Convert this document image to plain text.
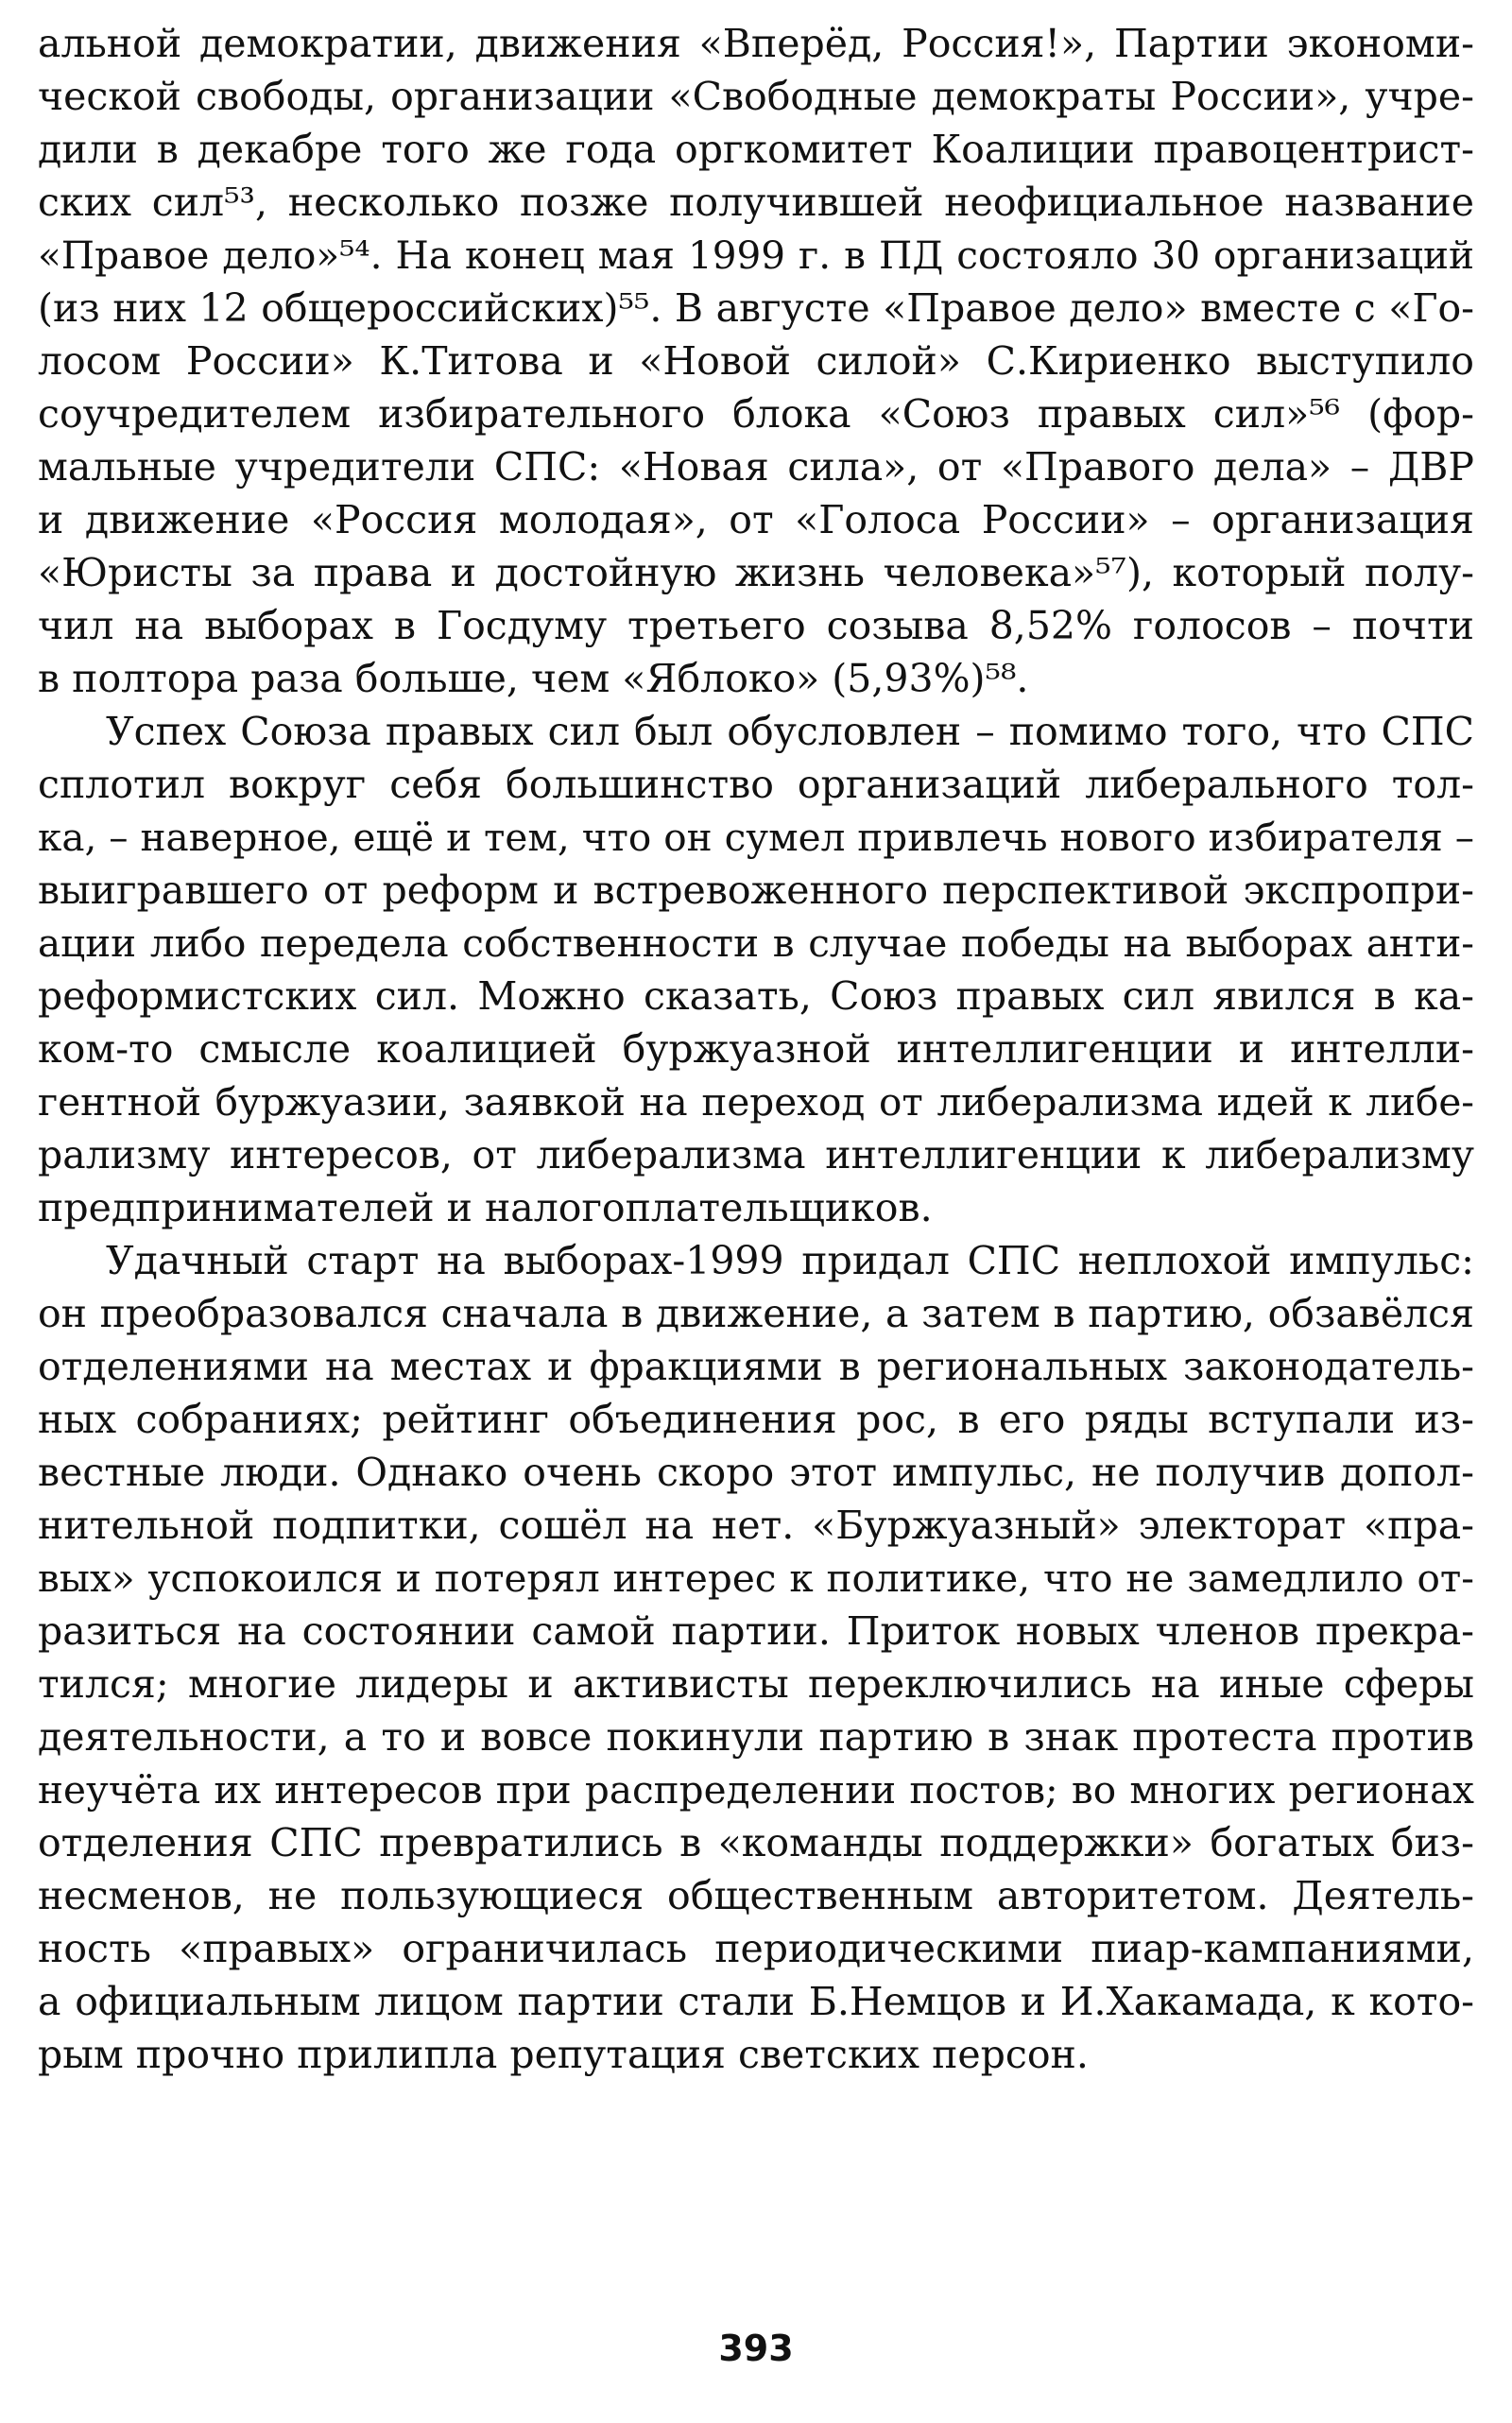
альной демократии, движения «Вперёд, Россия!», Партии экономи-
ческой свободы, организации «Свободные демократы России», учре-
дили в декабре того же года оргкомитет Коалиции правоцентрист-
ских сил⁵³, несколько позже получившей неофициальное название
«Правое дело»⁵⁴. На конец мая 1999 г. в ПД состояло 30 организаций
(из них 12 общероссийских)⁵⁵. В августе «Правое дело» вместе с «Го-
лосом России» К.Титова и «Новой силой» С.Кириенко выступило
соучредителем избирательного блока «Союз правых сил»⁵⁶ (фор-
мальные учредители СПС: «Новая сила», от «Правого дела» – ДВР
и движение «Россия молодая», от «Голоса России» – организация
«Юристы за права и достойную жизнь человека»⁵⁷), который полу-
чил на выборах в Госдуму третьего созыва 8,52% голосов – почти
в полтора раза больше, чем «Яблоко» (5,93%)⁵⁸.
Успех Союза правых сил был обусловлен – помимо того, что СПС
сплотил вокруг себя большинство организаций либерального тол-
ка, – наверное, ещё и тем, что он сумел привлечь нового избирателя –
выигравшего от реформ и встревоженного перспективой экспропри-
ации либо передела собственности в случае победы на выборах анти-
реформистских сил. Можно сказать, Союз правых сил явился в ка-
ком-то смысле коалицией буржуазной интеллигенции и интелли-
гентной буржуазии, заявкой на переход от либерализма идей к либе-
рализму интересов, от либерализма интеллигенции к либерализму
предпринимателей и налогоплательщиков.
Удачный старт на выборах-1999 придал СПС неплохой импульс:
он преобразовался сначала в движение, а затем в партию, обзавёлся
отделениями на местах и фракциями в региональных законодатель-
ных собраниях; рейтинг объединения рос, в его ряды вступали из-
вестные люди. Однако очень скоро этот импульс, не получив допол-
нительной подпитки, сошёл на нет. «Буржуазный» электорат «пра-
вых» успокоился и потерял интерес к политике, что не замедлило от-
разиться на состоянии самой партии. Приток новых членов прекра-
тился; многие лидеры и активисты переключились на иные сферы
деятельности, а то и вовсе покинули партию в знак протеста против
неучёта их интересов при распределении постов; во многих регионах
отделения СПС превратились в «команды поддержки» богатых биз-
несменов, не пользующиеся общественным авторитетом. Деятель-
ность «правых» ограничилась периодическими пиар-кампаниями,
а официальным лицом партии стали Б.Немцов и И.Хакамада, к кото-
рым прочно прилипла репутация светских персон.
393
